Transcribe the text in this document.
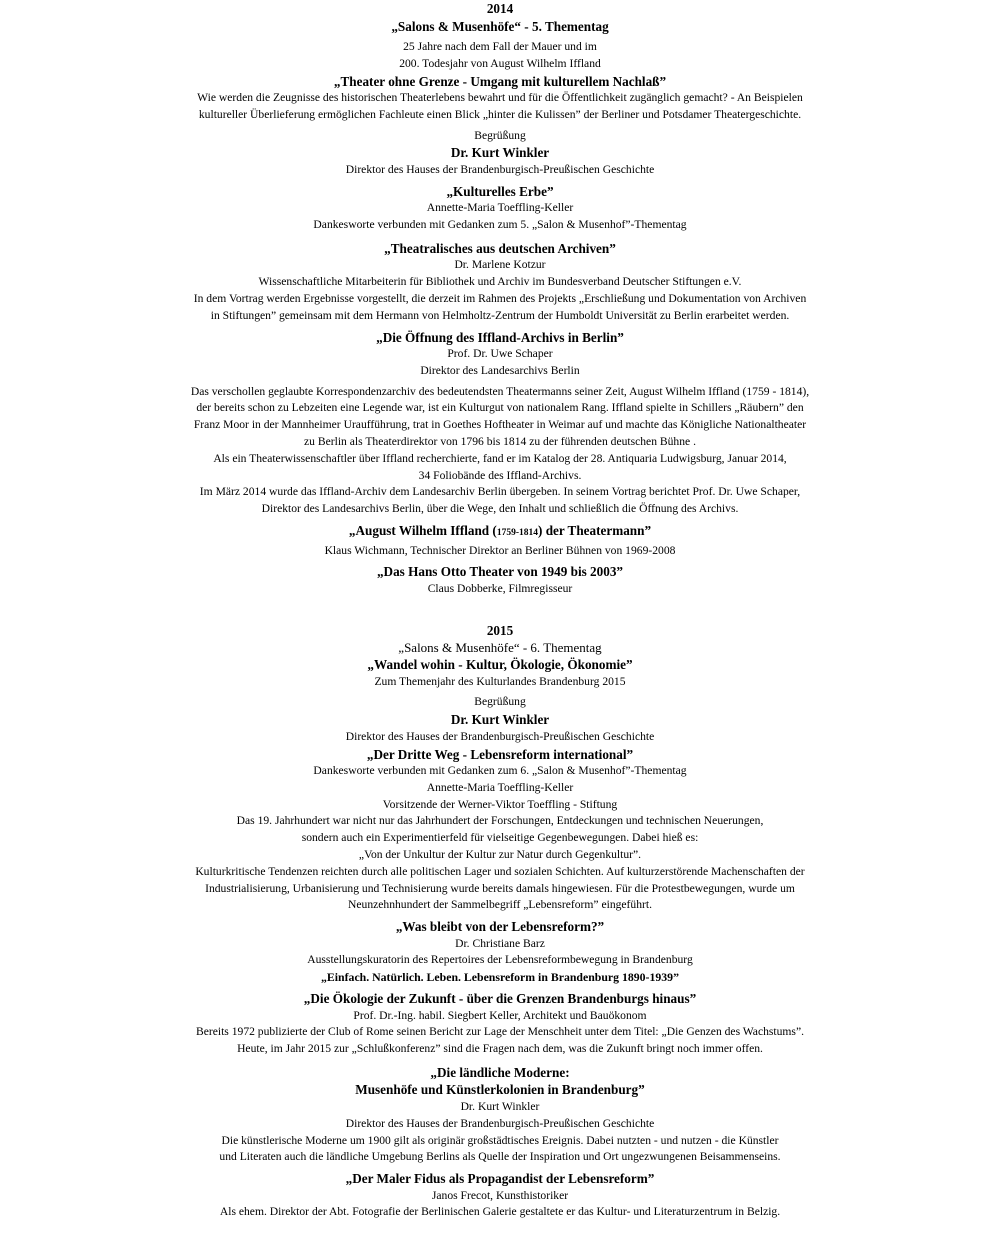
2014
„Salons & Musenhöfe“ - 5. Thementag
25 Jahre nach dem Fall der Mauer und im
200. Todesjahr von August Wilhelm Iffland
„Theater ohne Grenze - Umgang mit kulturellem Nachlaß”
Wie werden die Zeugnisse des historischen Theaterlebens bewahrt und für die Öffentlichkeit zugänglich gemacht? - An Beispielen
kultureller Überlieferung ermöglichen Fachleute einen Blick „hinter die Kulissen” der Berliner und Potsdamer Theatergeschichte.
Begrüßung
Dr. Kurt Winkler
Direktor des Hauses der Brandenburgisch-Preußischen Geschichte
„Kulturelles Erbe”
Annette-Maria Toeffling-Keller
Dankesworte verbunden mit Gedanken zum 5. „Salon & Musenhof”-Thementag
„Theatralisches aus deutschen Archiven”
Dr. Marlene Kotzur
Wissenschaftliche Mitarbeiterin für Bibliothek und Archiv im Bundesverband Deutscher Stiftungen e.V.
In dem Vortrag werden Ergebnisse vorgestellt, die derzeit im Rahmen des Projekts „Erschließung und Dokumentation von Archiven
in Stiftungen” gemeinsam mit dem Hermann von Helmholtz-Zentrum der Humboldt Universität zu Berlin erarbeitet werden.
„Die Öffnung des Iffland-Archivs in Berlin”
Prof. Dr. Uwe Schaper
Direktor des Landesarchivs Berlin
Das verschollen geglaubte Korrespondenzarchiv des bedeutendsten Theatermanns seiner Zeit, August Wilhelm Iffland (1759 - 1814),
der bereits schon zu Lebzeiten eine Legende war, ist ein Kulturgut von nationalem Rang. Iffland spielte in Schillers „Räubern” den
Franz Moor in der Mannheimer Uraufführung, trat in Goethes Hoftheater in Weimar auf und machte das Königliche Nationaltheater
zu Berlin als Theaterdirektor von 1796 bis 1814 zu der führenden deutschen Bühne .
Als ein Theaterwissenschaftler über Iffland recherchierte, fand er im Katalog der 28. Antiquaria Ludwigsburg, Januar 2014,
34 Foliobände des Iffland-Archivs.
Im März 2014 wurde das Iffland-Archiv dem Landesarchiv Berlin übergeben. In seinem Vortrag berichtet Prof. Dr. Uwe Schaper,
Direktor des Landesarchivs Berlin, über die Wege, den Inhalt und schließlich die Öffnung des Archivs.
„August Wilhelm Iffland (1759-1814) der Theatermann”
Klaus Wichmann, Technischer Direktor an Berliner Bühnen von 1969-2008
„Das Hans Otto Theater von 1949 bis 2003”
Claus Dobberke, Filmregisseur
2015
„Salons & Musenhöfe“ - 6. Thementag
„Wandel wohin - Kultur, Ökologie, Ökonomie”
Zum Themenjahr des Kulturlandes Brandenburg 2015
Begrüßung
Dr. Kurt Winkler
Direktor des Hauses der Brandenburgisch-Preußischen Geschichte
„Der Dritte Weg - Lebensreform international”
Dankesworte verbunden mit Gedanken zum 6. „Salon & Musenhof”-Thementag
Annette-Maria Toeffling-Keller
Vorsitzende der Werner-Viktor Toeffling - Stiftung
Das 19. Jahrhundert war nicht nur das Jahrhundert der Forschungen, Entdeckungen und technischen Neuerungen,
sondern auch ein Experimentierfeld für vielseitige Gegenbewegungen. Dabei hieß es:
„Von der Unkultur der Kultur zur Natur durch Gegenkultur”.
Kulturkritische Tendenzen reichten durch alle politischen Lager und sozialen Schichten. Auf kulturzerstörende Machenschaften der
Industrialisierung, Urbanisierung und Technisierung wurde bereits damals hingewiesen. Für die Protestbewegungen, wurde um
Neunzehnhundert der Sammelbegriff „Lebensreform” eingeführt.
„Was bleibt von der Lebensreform?”
Dr. Christiane Barz
Ausstellungskuratorin des Repertoires der Lebensreformbewegung in Brandenburg
„Einfach. Natürlich. Leben. Lebensreform in Brandenburg 1890-1939”
„Die Ökologie der Zukunft - über die Grenzen Brandenburgs hinaus”
Prof. Dr.-Ing. habil. Siegbert Keller, Architekt und Bauökonom
Bereits 1972 publizierte der Club of Rome seinen Bericht zur Lage der Menschheit unter dem Titel: „Die Genzen des Wachstums”.
Heute, im Jahr 2015 zur „Schlußkonferenz” sind die Fragen nach dem, was die Zukunft bringt noch immer offen.
„Die ländliche Moderne:
Musenhöfe und Künstlerkolonien in Brandenburg”
Dr. Kurt Winkler
Direktor des Hauses der Brandenburgisch-Preußischen Geschichte
Die künstlerische Moderne um 1900 gilt als originär großstädtisches Ereignis. Dabei nutzten - und nutzen - die Künstler
und Literaten auch die ländliche Umgebung Berlins als Quelle der Inspiration und Ort ungezwungenen Beisammenseins.
„Der Maler Fidus als Propagandist der Lebensreform”
Janos Frecot, Kunsthistoriker
Als ehem. Direktor der Abt. Fotografie der Berlinischen Galerie gestaltete er das Kultur- und Literaturzentrum in Belzig.
